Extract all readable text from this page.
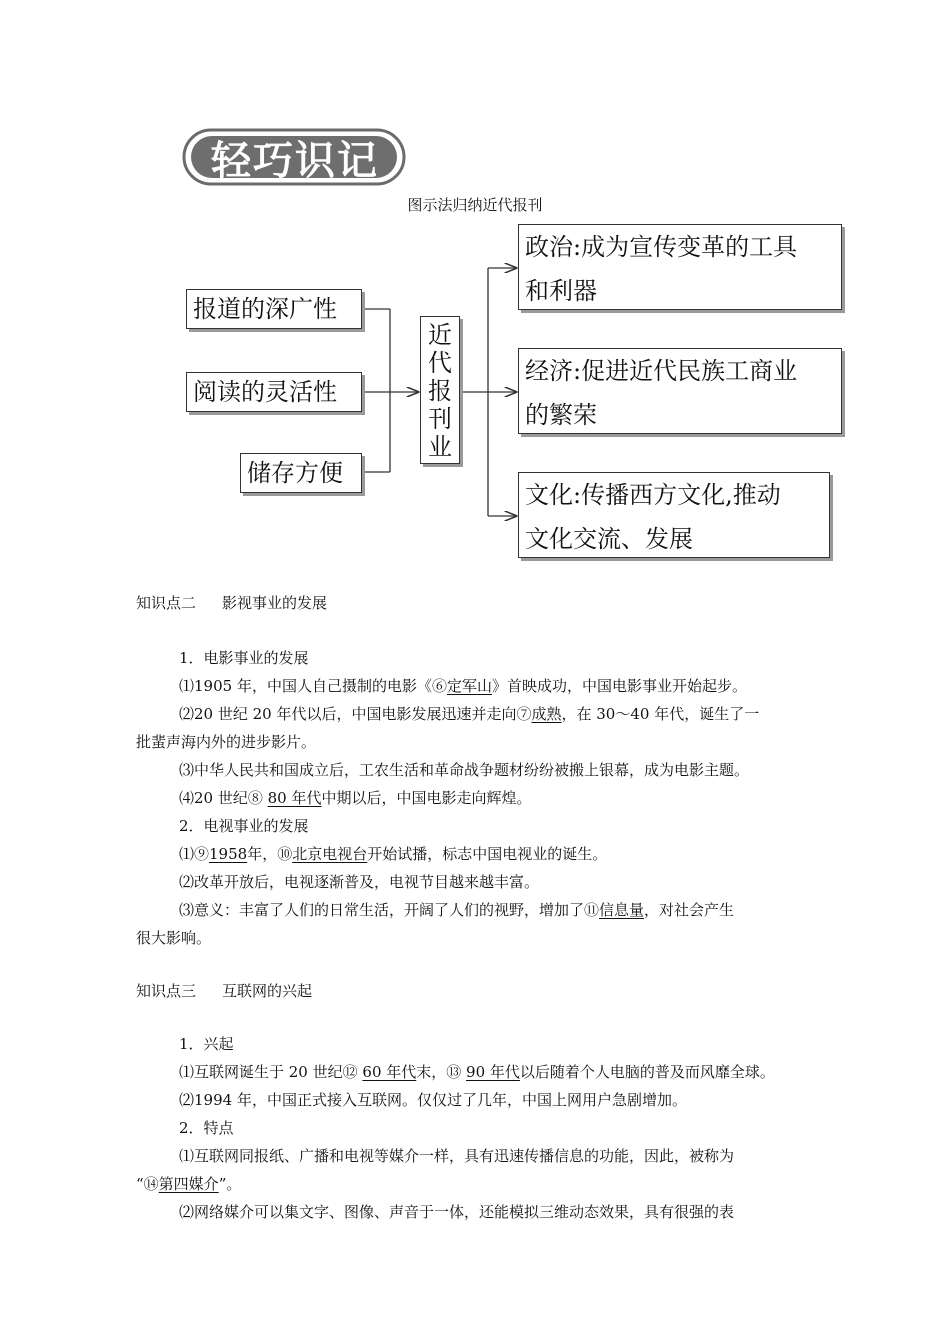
轻巧识记
图示法归纳近代报刊
报道的深广性
阅读的灵活性
储存方便
近
代
报
刊
业
政治:成为宣传变革的工具
和利器
经济:促进近代民族工商业
的繁荣
文化:传播西方文化,推动
文化交流、发展
知识点二 影视事业的发展
1．电影事业的发展
⑴1905 年，中国人自己摄制的电影《⑥定军山》首映成功，中国电影事业开始起步。
⑵20 世纪 20 年代以后，中国电影发展迅速并走向⑦成熟，在 30～40 年代，诞生了一
批蜚声海内外的进步影片。
⑶中华人民共和国成立后，工农生活和革命战争题材纷纷被搬上银幕，成为电影主题。
⑷20 世纪⑧ 80 年代中期以后，中国电影走向辉煌。
2．电视事业的发展
⑴⑨1958年，⑩北京电视台开始试播，标志中国电视业的诞生。
⑵改革开放后，电视逐渐普及，电视节目越来越丰富。
⑶意义：丰富了人们的日常生活，开阔了人们的视野，增加了⑪信息量，对社会产生
很大影响。
知识点三 互联网的兴起
1．兴起
⑴互联网诞生于 20 世纪⑫ 60 年代末，⑬ 90 年代以后随着个人电脑的普及而风靡全球。
⑵1994 年，中国正式接入互联网。仅仅过了几年，中国上网用户急剧增加。
2．特点
⑴互联网同报纸、广播和电视等媒介一样，具有迅速传播信息的功能，因此，被称为
“⑭第四媒介”。
⑵网络媒介可以集文字、图像、声音于一体，还能模拟三维动态效果，具有很强的表
